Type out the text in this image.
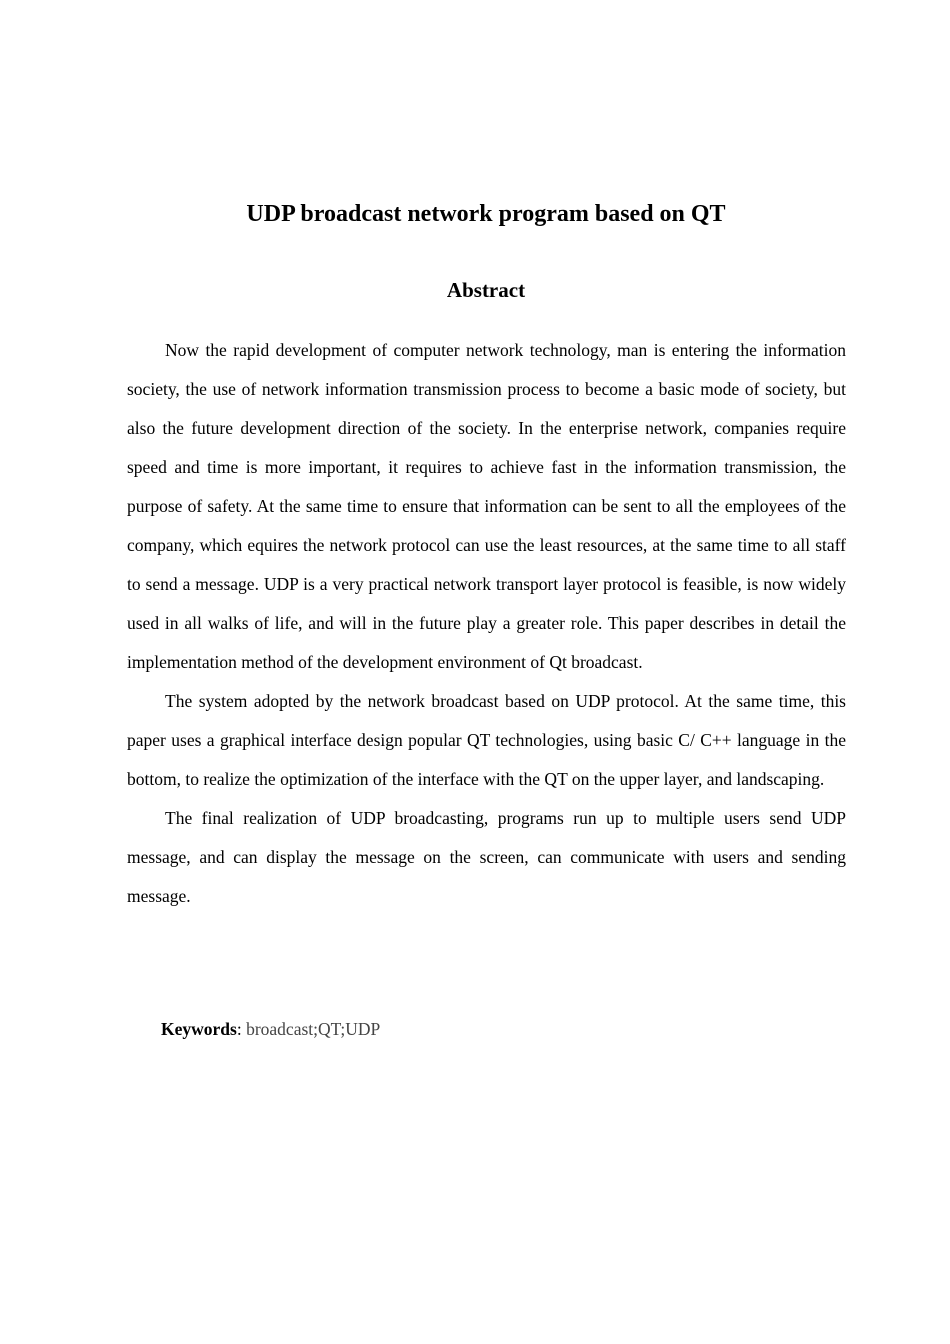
UDP broadcast network program based on QT
Abstract

Now the rapid development of computer network technology, man is entering the information society, the use of network information transmission process to become a basic mode of society, but also the future development direction of the society. In the enterprise network, companies require speed and time is more important, it requires to achieve fast in the information transmission, the purpose of safety. At the same time to ensure that information can be sent to all the employees of the company, which equires the network protocol can use the least resources, at the same time to all staff to send a message. UDP is a very practical network transport layer protocol is feasible, is now widely used in all walks of life, and will in the future play a greater role. This paper describes in detail the implementation method of the development environment of Qt broadcast.

The system adopted by the network broadcast based on UDP protocol. At the same time, this paper uses a graphical interface design popular QT technologies, using basic C/ C++ language in the bottom, to realize the optimization of the interface with the QT on the upper layer, and landscaping.

The final realization of UDP broadcasting, programs run up to multiple users send UDP message, and can display the message on the screen, can communicate with users and sending message.

Keywords: broadcast;QT;UDP
